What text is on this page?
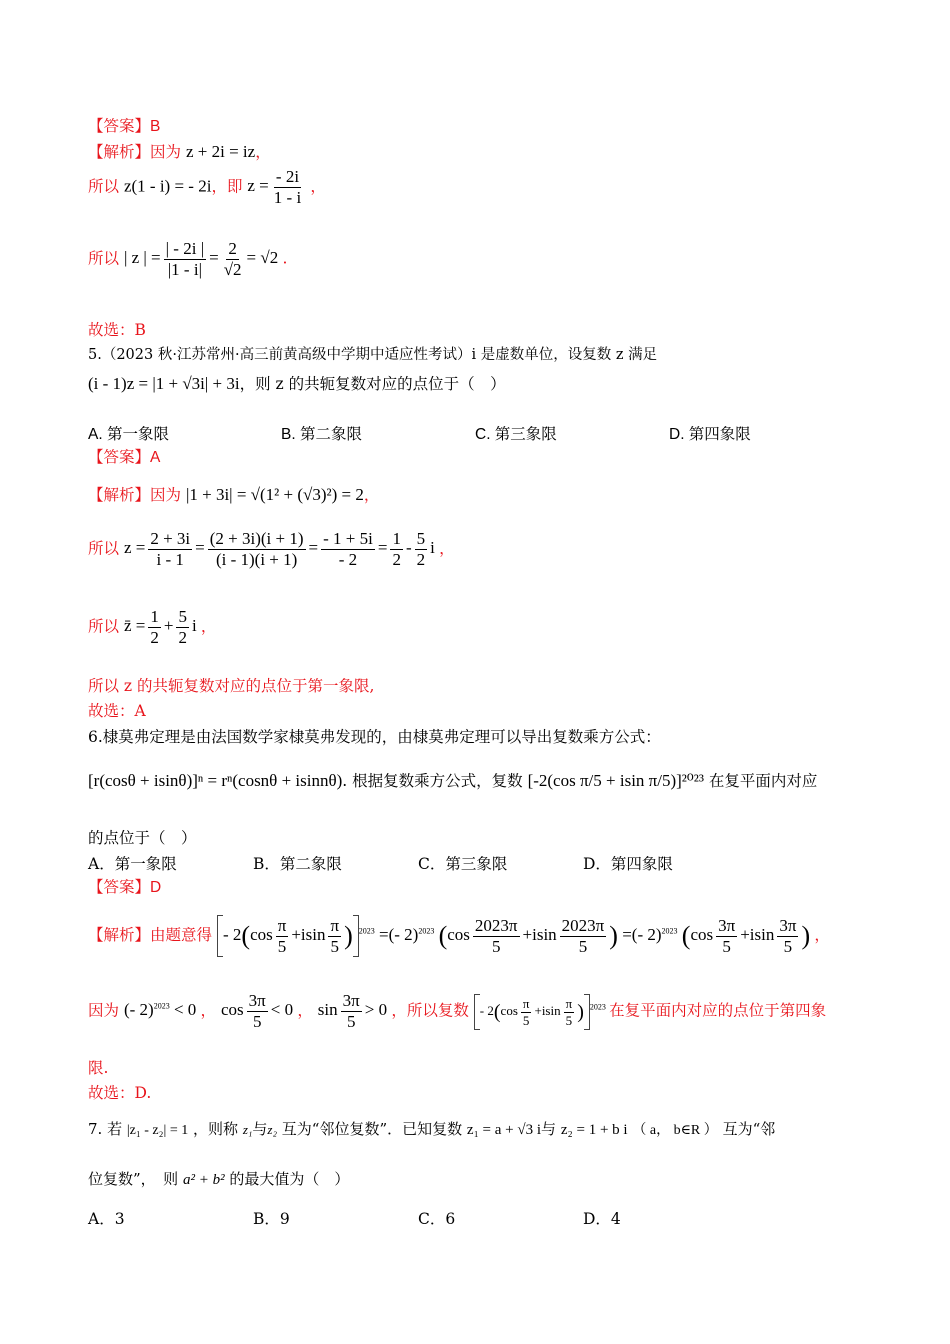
【答案】B
【解析】因为 z + 2i = iz，
所以 z(1 - i) = - 2i，即 $z = \frac{- 2i}{1 - i}$ ，
所以 | z | = $\frac{| - 2i |}{|1 - i|} = \frac{2}{√2} = √2$ .
故选：B
5.（2023 秋·江苏常州·高三前黄高级中学期中适应性考试）i 是虚数单位，设复数 z 满足
(i - 1)z = |1 + √3i| + 3i，则 z 的共轭复数对应的点位于（　）
A. 第一象限	B. 第二象限	C. 第三象限	D. 第四象限
【答案】A
【解析】因为 |1 + 3i| = √(1² + (√3)²) = 2，
所以 $z = \frac{2 + 3i}{i - 1} = \frac{(2 + 3i)(i + 1)}{(i - 1)(i + 1)} = \frac{- 1 + 5i}{- 2} = \frac{1}{2} - \frac{5}{2}$ i ，
所以 z̄ = $\frac{1}{2} + \frac{5}{2}$ i ，
所以 z 的共轭复数对应的点位于第一象限,
故选：A
6.棣莫弗定理是由法国数学家棣莫弗发现的，由棣莫弗定理可以导出复数乘方公式：
[r(cosθ + isinθ)]ⁿ = rⁿ(cosnθ + isinnθ). 根据复数乘方公式，复数 [-2(cos π/5 + isin π/5)]²⁰²³ 在复平面内对应
的点位于（　）
A．第一象限	B．第二象限	C．第三象限	D．第四象限
【答案】D
【解析】由题意得 - $2(\cos \frac{\pi}{5} +isin \frac{\pi}{5}$ ) $^{2023}$ =(- 2)$^{2023}$ ($\cos \frac{2023\pi}{5} +isin \frac{2023\pi}{5}$ ) =(- 2)$^{2023}$ ($\cos \frac{3\pi}{5} +isin \frac{3\pi}{5}$ ) ，
因为 (- 2)$^{2023}$ < 0 ， $\cos \frac{3\pi}{5} < 0$ ， $\sin \frac{3\pi}{5} > 0$ ，所以复数 - $2(\cos \frac{\pi}{5} +isin \frac{\pi}{5}$ ) $^{2023}$ 在复平面内对应的点位于第四象
限.
故选：D.
7. 若 |z₁ - z₂| = 1 ，则称 z₁与z₂ 互为“邻位复数”．已知复数 z₁ = a + √3 i与 z₂ = 1 + b i （ a， b∈R ） 互为“邻
位复数”，　则 a² + b² 的最大值为（　）
A．3	B．9	C．6	D．4
